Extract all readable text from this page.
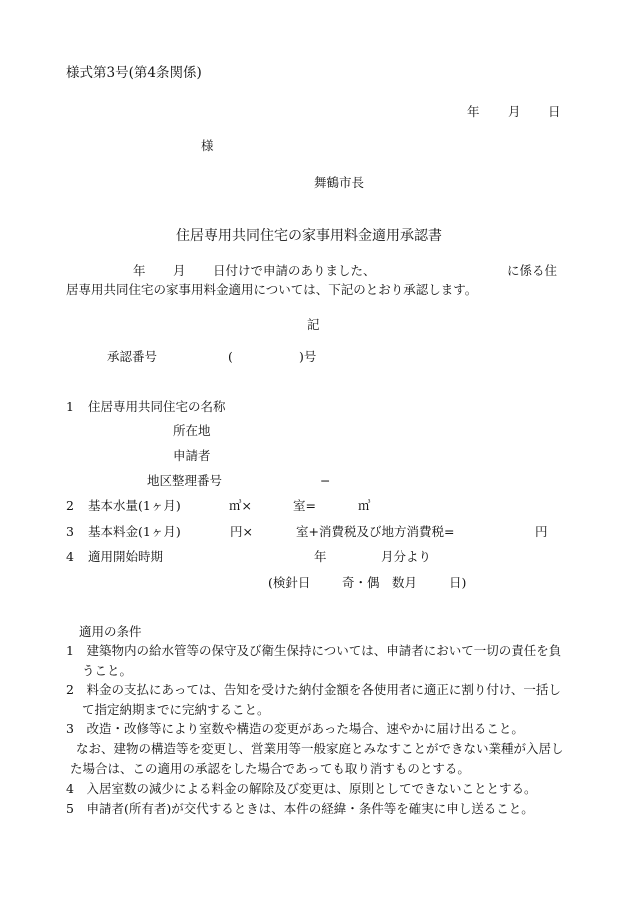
様式第3号(第4条関係)
年 月 日
様
舞鶴市長
住居専用共同住宅の家事用料金適用承認書
年 月 日付けで申請のありました、	に係る住
居専用共同住宅の家事用料金適用については、下記のとおり承認します。
記
承認番号	(	)号
1 住居専用共同住宅の名称
所在地
申請者
地区整理番号	−
2 基本水量(1ヶ月)	㎥×	室=	㎥
3 基本料金(1ヶ月)	円×	室+消費税及び地方消費税=	円
4 適用開始時期	年	月分より
(検針日	奇・偶 数月	日)
適用の条件
1　建築物内の給水管等の保守及び衛生保持については、申請者において一切の責任を負うこと。
2　料金の支払にあっては、告知を受けた納付金額を各使用者に適正に割り付け、一括して指定納期までに完納すること。
3　改造・改修等により室数や構造の変更があった場合、速やかに届け出ること。
なお、建物の構造等を変更し、営業用等一般家庭とみなすことができない業種が入居した場合は、この適用の承認をした場合であっても取り消すものとする。
4　入居室数の減少による料金の解除及び変更は、原則としてできないこととする。
5　申請者(所有者)が交代するときは、本件の経緯・条件等を確実に申し送ること。
